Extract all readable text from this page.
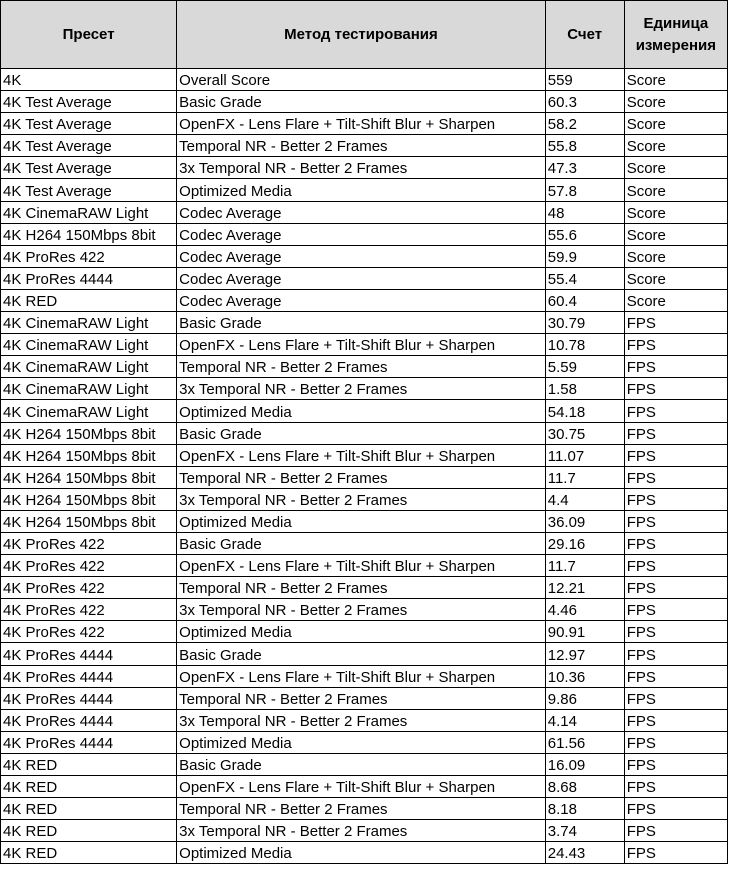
Пресет	Метод тестирования	Счет	Единица измерения
4K	Overall Score	559	Score
4K Test Average	Basic Grade	60.3	Score
4K Test Average	OpenFX - Lens Flare + Tilt-Shift Blur + Sharpen	58.2	Score
4K Test Average	Temporal NR - Better 2 Frames	55.8	Score
4K Test Average	3x Temporal NR - Better 2 Frames	47.3	Score
4K Test Average	Optimized Media	57.8	Score
4K CinemaRAW Light	Codec Average	48	Score
4K H264 150Mbps 8bit	Codec Average	55.6	Score
4K ProRes 422	Codec Average	59.9	Score
4K ProRes 4444	Codec Average	55.4	Score
4K RED	Codec Average	60.4	Score
4K CinemaRAW Light	Basic Grade	30.79	FPS
4K CinemaRAW Light	OpenFX - Lens Flare + Tilt-Shift Blur + Sharpen	10.78	FPS
4K CinemaRAW Light	Temporal NR - Better 2 Frames	5.59	FPS
4K CinemaRAW Light	3x Temporal NR - Better 2 Frames	1.58	FPS
4K CinemaRAW Light	Optimized Media	54.18	FPS
4K H264 150Mbps 8bit	Basic Grade	30.75	FPS
4K H264 150Mbps 8bit	OpenFX - Lens Flare + Tilt-Shift Blur + Sharpen	11.07	FPS
4K H264 150Mbps 8bit	Temporal NR - Better 2 Frames	11.7	FPS
4K H264 150Mbps 8bit	3x Temporal NR - Better 2 Frames	4.4	FPS
4K H264 150Mbps 8bit	Optimized Media	36.09	FPS
4K ProRes 422	Basic Grade	29.16	FPS
4K ProRes 422	OpenFX - Lens Flare + Tilt-Shift Blur + Sharpen	11.7	FPS
4K ProRes 422	Temporal NR - Better 2 Frames	12.21	FPS
4K ProRes 422	3x Temporal NR - Better 2 Frames	4.46	FPS
4K ProRes 422	Optimized Media	90.91	FPS
4K ProRes 4444	Basic Grade	12.97	FPS
4K ProRes 4444	OpenFX - Lens Flare + Tilt-Shift Blur + Sharpen	10.36	FPS
4K ProRes 4444	Temporal NR - Better 2 Frames	9.86	FPS
4K ProRes 4444	3x Temporal NR - Better 2 Frames	4.14	FPS
4K ProRes 4444	Optimized Media	61.56	FPS
4K RED	Basic Grade	16.09	FPS
4K RED	OpenFX - Lens Flare + Tilt-Shift Blur + Sharpen	8.68	FPS
4K RED	Temporal NR - Better 2 Frames	8.18	FPS
4K RED	3x Temporal NR - Better 2 Frames	3.74	FPS
4K RED	Optimized Media	24.43	FPS
